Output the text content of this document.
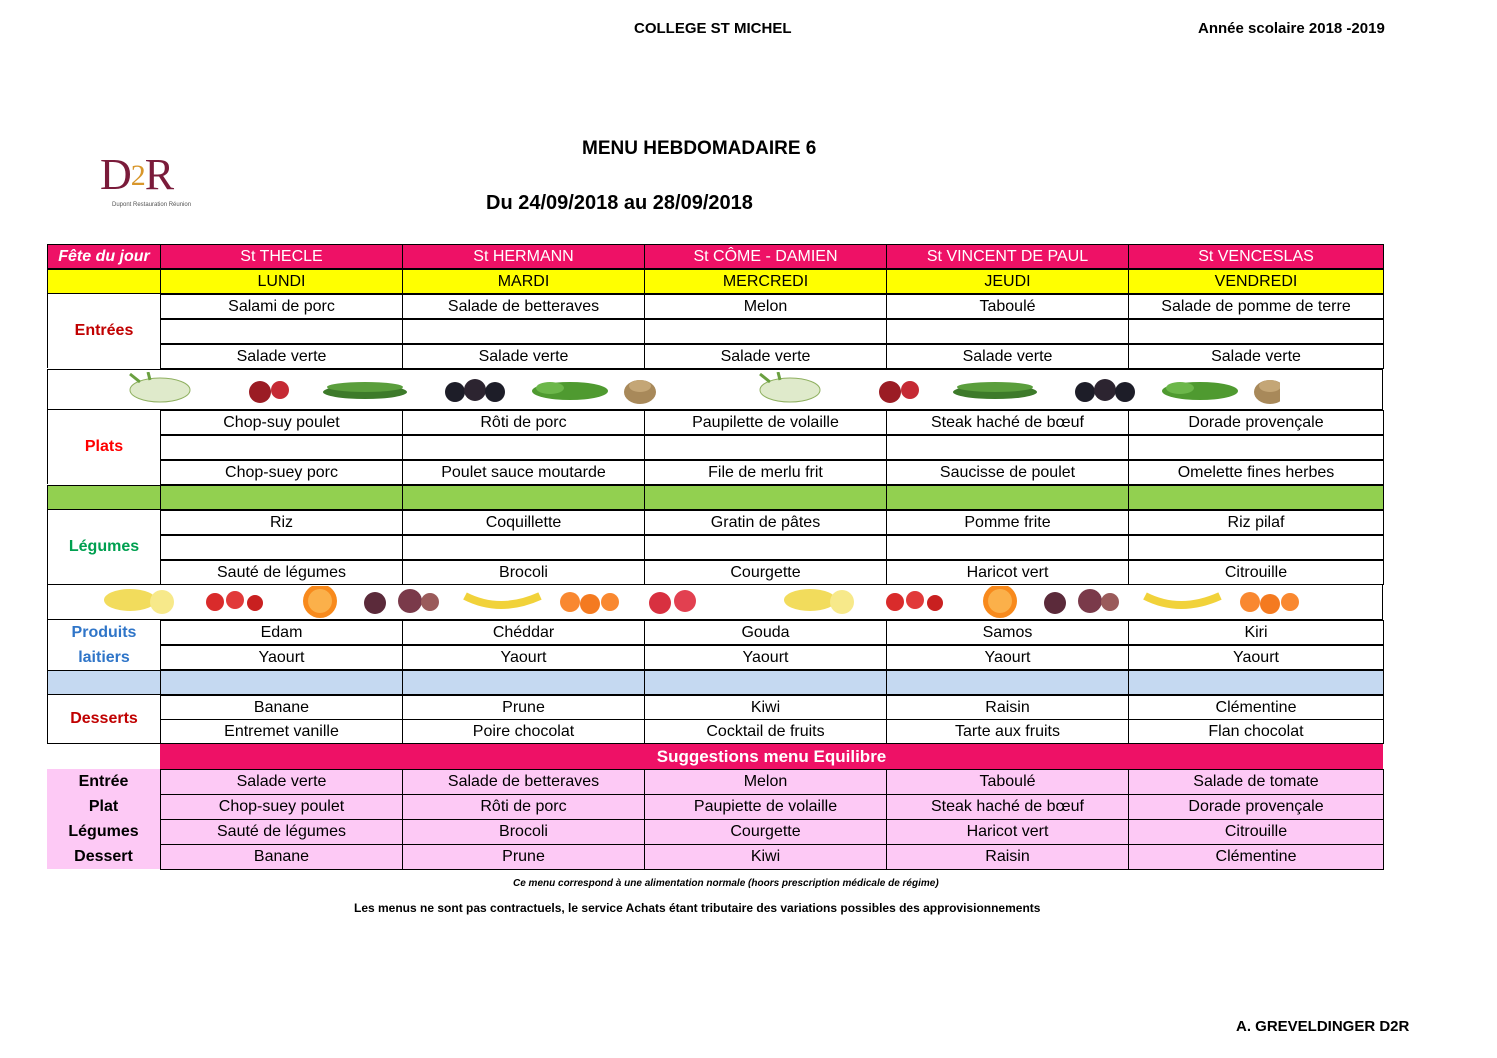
COLLEGE ST MICHEL	Année scolaire 2018 -2019
MENU HEBDOMADAIRE 6
Du 24/09/2018 au 28/09/2018
D2R
Dupont Restauration Réunion
Fête du jour	St THECLE	St HERMANN	St CÔME - DAMIEN	St VINCENT DE PAUL	St VENCESLAS
LUNDI	MARDI	MERCREDI	JEUDI	VENDREDI
Entrées
Salami de porc	Salade de betteraves	Melon	Taboulé	Salade de pomme de terre
Salade verte	Salade verte	Salade verte	Salade verte	Salade verte
Plats
Chop-suy poulet	Rôti de porc	Paupilette de volaille	Steak haché de bœuf	Dorade provençale
Chop-suey porc	Poulet sauce moutarde	File de merlu frit	Saucisse de poulet	Omelette fines herbes
Légumes
Riz	Coquillette	Gratin de pâtes	Pomme frite	Riz pilaf
Sauté de légumes	Brocoli	Courgette	Haricot vert	Citrouille
Produits
laitiers
Edam	Chéddar	Gouda	Samos	Kiri
Yaourt	Yaourt	Yaourt	Yaourt	Yaourt
Desserts
Banane	Prune	Kiwi	Raisin	Clémentine
Entremet vanille	Poire chocolat	Cocktail de fruits	Tarte aux fruits	Flan chocolat
Suggestions menu Equilibre
Entrée	Salade verte	Salade de betteraves	Melon	Taboulé	Salade de tomate
Plat	Chop-suey poulet	Rôti de porc	Paupiette de volaille	Steak haché de bœuf	Dorade provençale
Légumes	Sauté de légumes	Brocoli	Courgette	Haricot vert	Citrouille
Dessert	Banane	Prune	Kiwi	Raisin	Clémentine
Ce menu correspond à une alimentation normale (hoors prescription médicale de régime)
Les menus ne sont pas contractuels, le service Achats étant tributaire des variations possibles des approvisionnements
A. GREVELDINGER D2R
